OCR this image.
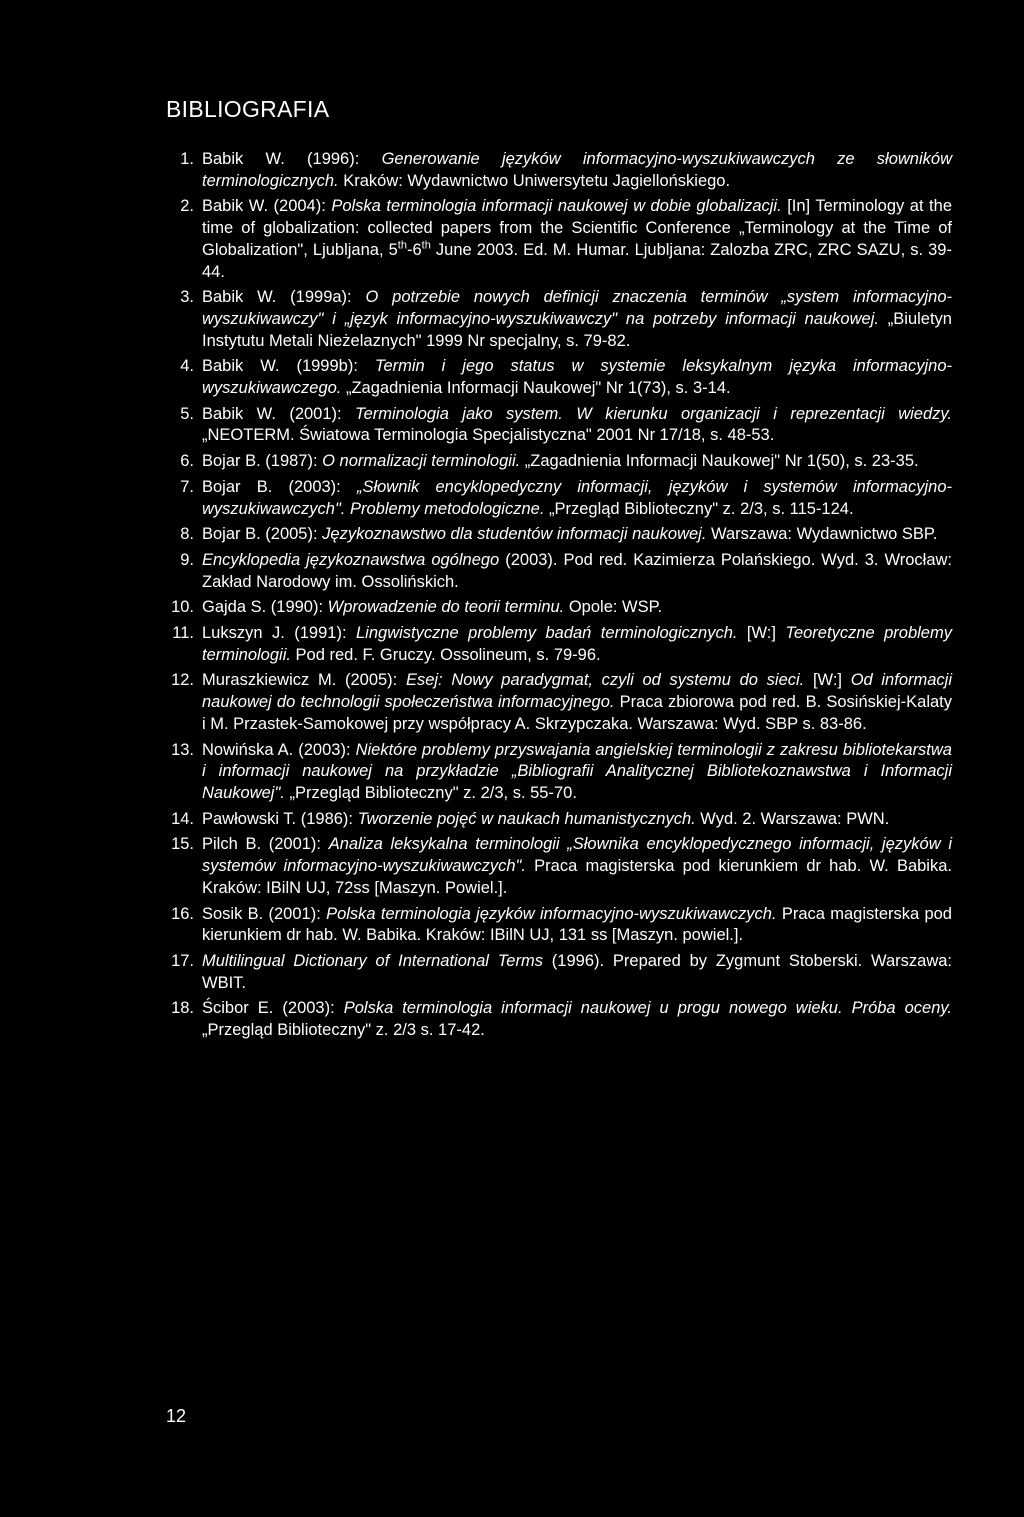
BIBLIOGRAFIA
1. Babik W. (1996): Generowanie języków informacyjno-wyszukiwawczych ze słowników terminologicznych. Kraków: Wydawnictwo Uniwersytetu Jagiellońskiego.
2. Babik W. (2004): Polska terminologia informacji naukowej w dobie globalizacji. [In] Terminology at the time of globalization: collected papers from the Scientific Conference „Terminology at the Time of Globalization", Ljubljana, 5th-6th June 2003. Ed. M. Humar. Ljubljana: Zalozba ZRC, ZRC SAZU, s. 39-44.
3. Babik W. (1999a): O potrzebie nowych definicji znaczenia terminów „system informacyjno-wyszukiwawczy" i „język informacyjno-wyszukiwawczy" na potrzeby informacji naukowej. „Biuletyn Instytutu Metali Nieżelaznych" 1999 Nr specjalny, s. 79-82.
4. Babik W. (1999b): Termin i jego status w systemie leksykalnym języka informacyjno-wyszukiwawczego. „Zagadnienia Informacji Naukowej" Nr 1(73), s. 3-14.
5. Babik W. (2001): Terminologia jako system. W kierunku organizacji i reprezentacji wiedzy. „NEOTERM. Światowa Terminologia Specjalistyczna" 2001 Nr 17/18, s. 48-53.
6. Bojar B. (1987): O normalizacji terminologii. „Zagadnienia Informacji Naukowej" Nr 1(50), s. 23-35.
7. Bojar B. (2003): „Słownik encyklopedyczny informacji, języków i systemów informacyjno-wyszukiwawczych". Problemy metodologiczne. „Przegląd Biblioteczny" z. 2/3, s. 115-124.
8. Bojar B. (2005): Językoznawstwo dla studentów informacji naukowej. Warszawa: Wydawnictwo SBP.
9. Encyklopedia językoznawstwa ogólnego (2003). Pod red. Kazimierza Polańskiego. Wyd. 3. Wrocław: Zakład Narodowy im. Ossolińskich.
10. Gajda S. (1990): Wprowadzenie do teorii terminu. Opole: WSP.
11. Lukszyn J. (1991): Lingwistyczne problemy badań terminologicznych. [W:] Teoretyczne problemy terminologii. Pod red. F. Gruczy. Ossolineum, s. 79-96.
12. Muraszkiewicz M. (2005): Esej: Nowy paradygmat, czyli od systemu do sieci. [W:] Od informacji naukowej do technologii społeczeństwa informacyjnego. Praca zbiorowa pod red. B. Sosińskiej-Kalaty i M. Przastek-Samokowej przy współpracy A. Skrzypczaka. Warszawa: Wyd. SBP s. 83-86.
13. Nowińska A. (2003): Niektóre problemy przyswajania angielskiej terminologii z zakresu bibliotekarstwa i informacji naukowej na przykładzie „Bibliografii Analitycznej Bibliotekoznawstwa i Informacji Naukowej". „Przegląd Biblioteczny" z. 2/3, s. 55-70.
14. Pawłowski T. (1986): Tworzenie pojęć w naukach humanistycznych. Wyd. 2. Warszawa: PWN.
15. Pilch B. (2001): Analiza leksykalna terminologii „Słownika encyklopedycznego informacji, języków i systemów informacyjno-wyszukiwawczych". Praca magisterska pod kierunkiem dr hab. W. Babika. Kraków: IBilN UJ, 72ss [Maszyn. Powiel.].
16. Sosik B. (2001): Polska terminologia języków informacyjno-wyszukiwawczych. Praca magisterska pod kierunkiem dr hab. W. Babika. Kraków: IBilN UJ, 131 ss [Maszyn. powiel.].
17. Multilingual Dictionary of International Terms (1996). Prepared by Zygmunt Stoberski. Warszawa: WBIT.
18. Ścibor E. (2003): Polska terminologia informacji naukowej u progu nowego wieku. Próba oceny. „Przegląd Biblioteczny" z. 2/3 s. 17-42.
12
